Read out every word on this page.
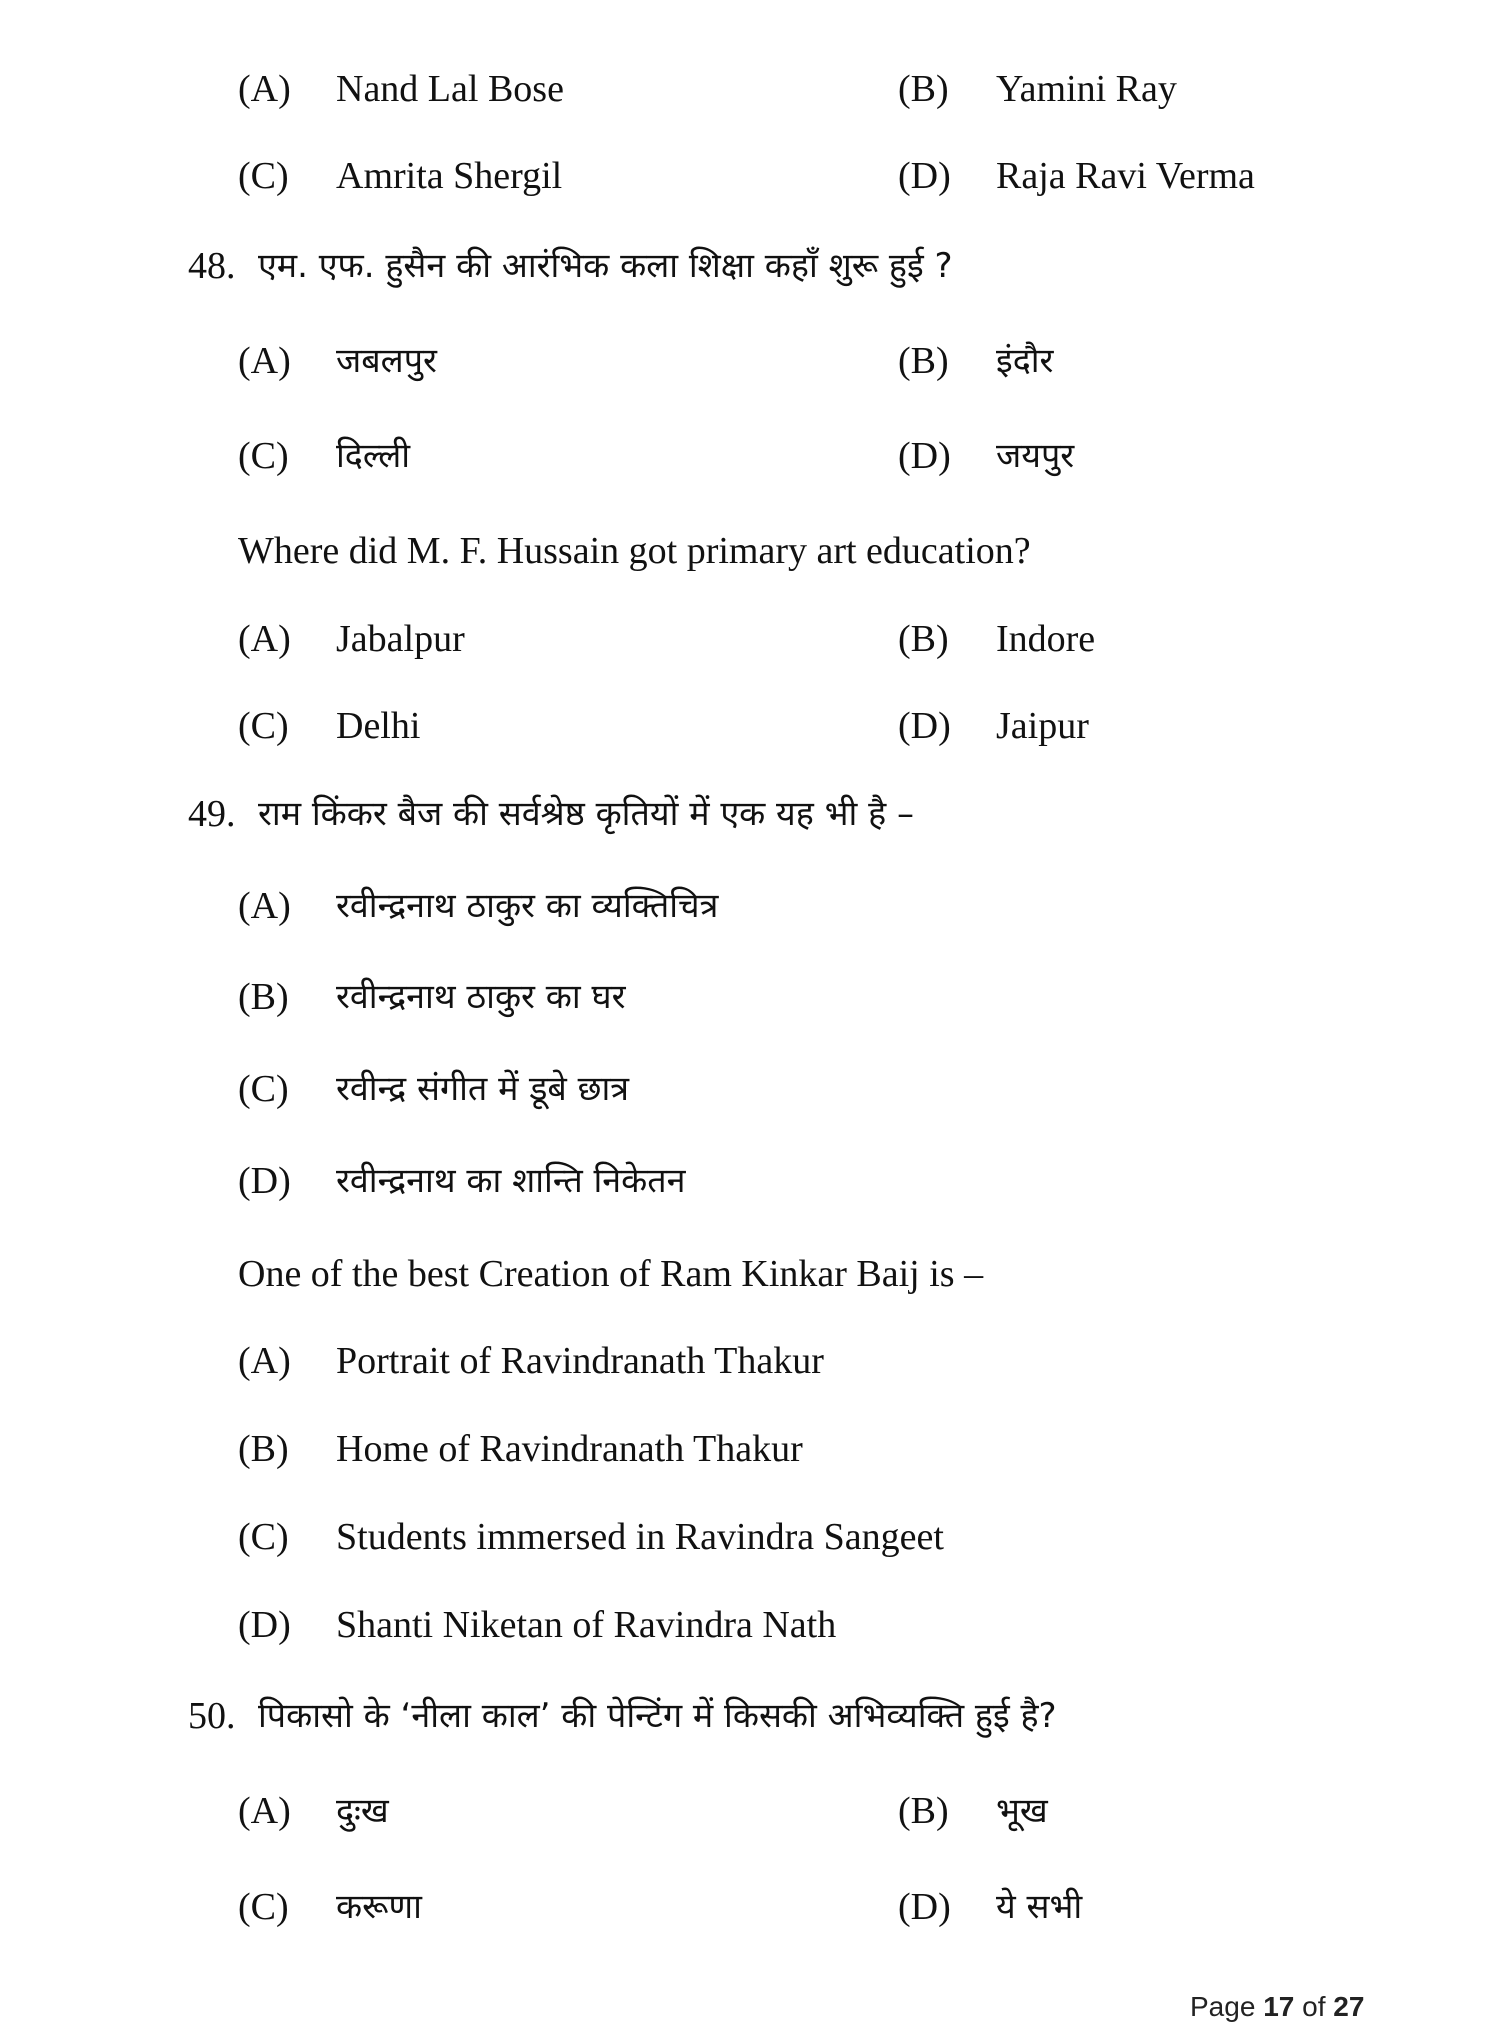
(A) Nand Lal Bose	(B) Yamini Ray
(C) Amrita Shergil	(D) Raja Ravi Verma
48. एम. एफ. हुसैन की आरंभिक कला शिक्षा कहाँ शुरू हुई ?
(A) जबलपुर	(B) इंदौर
(C) दिल्ली	(D) जयपुर
Where did M. F. Hussain got primary art education?
(A) Jabalpur	(B) Indore
(C) Delhi	(D) Jaipur
49. राम किंकर बैज की सर्वश्रेष्ठ कृतियों में एक यह भी है –
(A) रवीन्द्रनाथ ठाकुर का व्यक्तिचित्र
(B) रवीन्द्रनाथ ठाकुर का घर
(C) रवीन्द्र संगीत में डूबे छात्र
(D) रवीन्द्रनाथ का शान्ति निकेतन
One of the best Creation of Ram Kinkar Baij is –
(A) Portrait of Ravindranath Thakur
(B) Home of Ravindranath Thakur
(C) Students immersed in Ravindra Sangeet
(D) Shanti Niketan of Ravindra Nath
50. पिकासो के ‘नीला काल’ की पेन्टिंग में किसकी अभिव्यक्ति हुई है?
(A) दुःख	(B) भूख
(C) करूणा	(D) ये सभी
Page 17 of 27
